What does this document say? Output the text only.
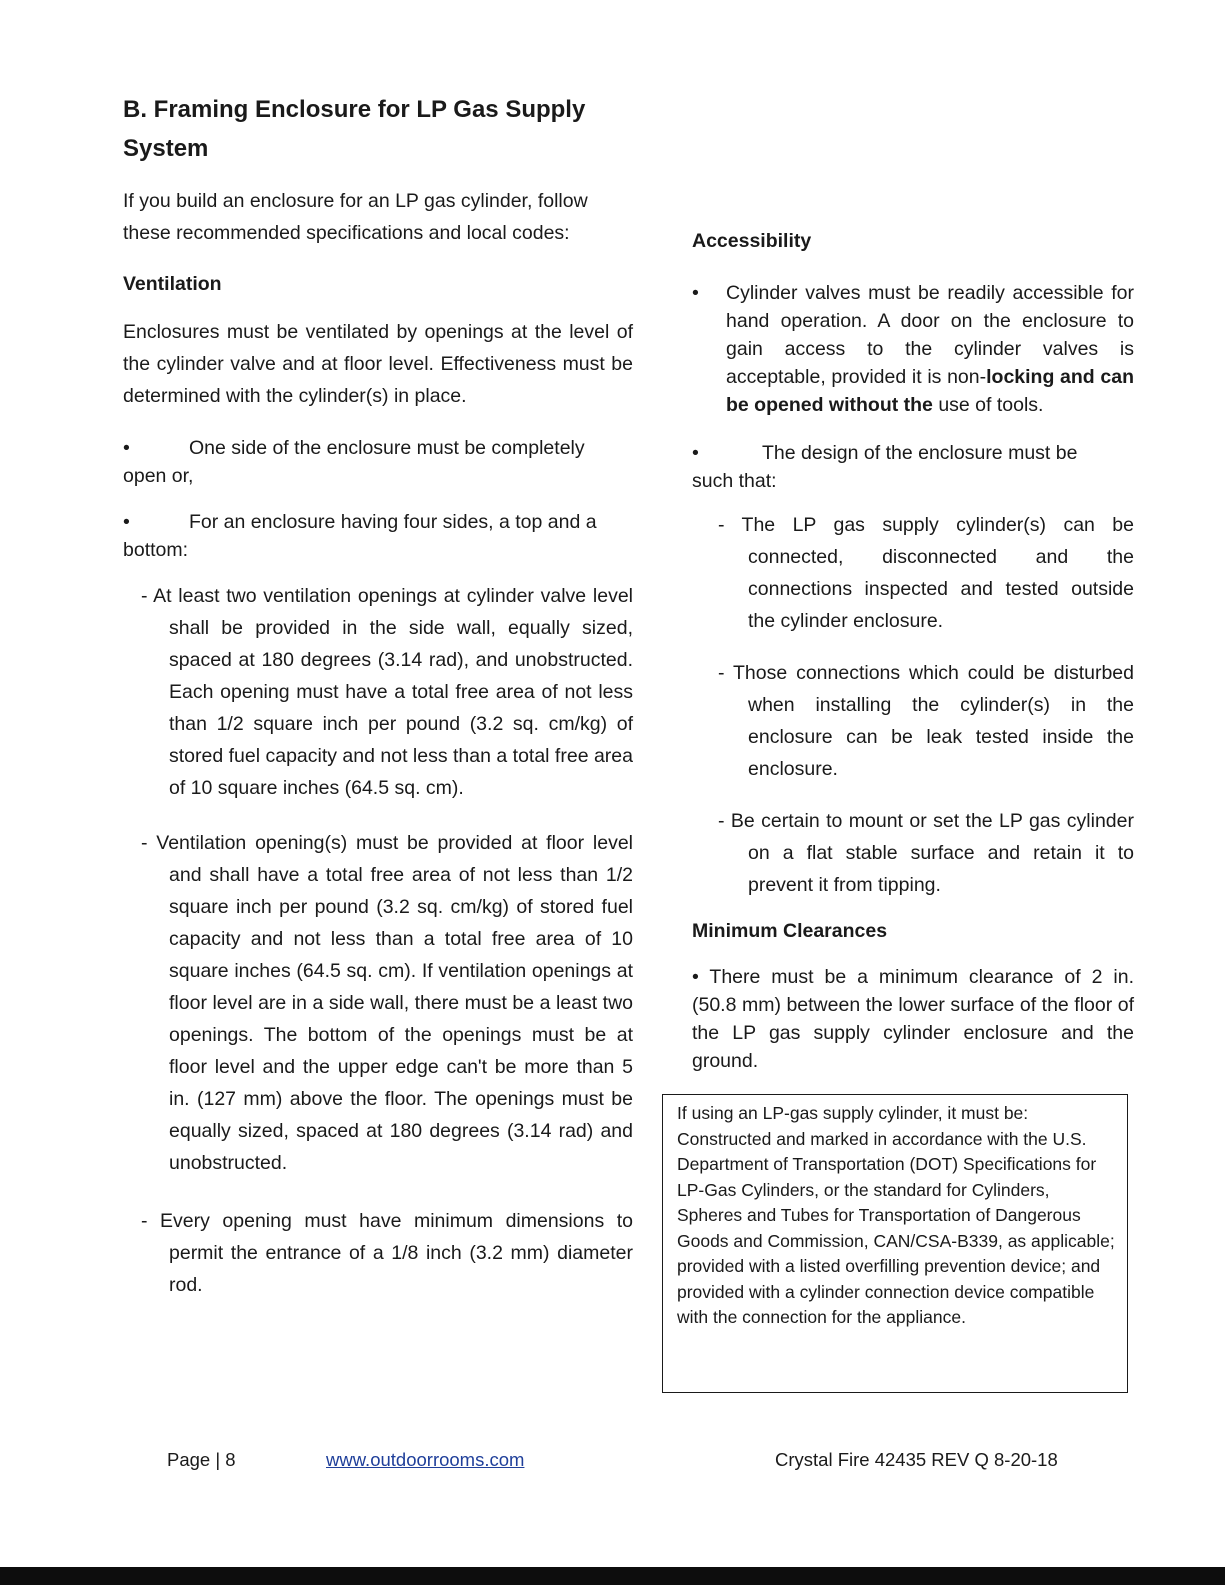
B. Framing Enclosure for LP Gas Supply
System

If you build an enclosure for an LP gas cylinder, follow

these recommended specifications and local codes:

Ventilation

Enclosures must be ventilated by openings at the level of the cylinder valve and at floor level. Effectiveness must be determined with the cylinder(s) in place.

•	One side of the enclosure must be completely
open or,

•	For an enclosure having four sides, a top and a
bottom:

- At least two ventilation openings at cylinder valve level shall be provided in the side wall, equally sized, spaced at 180 degrees (3.14 rad), and unobstructed. Each opening must have a total free area of not less than 1/2 square inch per pound (3.2 sq. cm/kg) of stored fuel capacity and not less than a total free area of 10 square inches (64.5 sq. cm).

- Ventilation opening(s) must be provided at floor level and shall have a total free area of not less than 1/2 square inch per pound (3.2 sq. cm/kg) of stored fuel capacity and not less than a total free area of 10 square inches (64.5 sq. cm). If ventilation openings at floor level are in a side wall, there must be a least two openings. The bottom of the openings must be at floor level and the upper edge can't be more than 5 in. (127 mm) above the floor. The openings must be equally sized, spaced at 180 degrees (3.14 rad) and unobstructed.

- Every opening must have minimum dimensions to permit the entrance of a 1/8 inch (3.2 mm) diameter rod.

Accessibility

• Cylinder valves must be readily accessible for hand operation. A door on the enclosure to gain access to the cylinder valves is acceptable, provided it is non-locking and can be opened without the use of tools.

•	The design of the enclosure must be
such that:

- The LP gas supply cylinder(s) can be connected, disconnected and the connections inspected and tested outside the cylinder enclosure.

- Those connections which could be disturbed when installing the cylinder(s) in the enclosure can be leak tested inside the enclosure.

- Be certain to mount or set the LP gas cylinder on a flat stable surface and retain it to prevent it from tipping.

Minimum Clearances

• There must be a minimum clearance of 2 in. (50.8 mm) between the lower surface of the floor of the LP gas supply cylinder enclosure and the ground.

If using an LP-gas supply cylinder, it must be: Constructed and marked in accordance with the U.S. Department of Transportation (DOT) Specifications for LP-Gas Cylinders, or the standard for Cylinders, Spheres and Tubes for Transportation of Dangerous Goods and Commission, CAN/CSA-B339, as applicable; provided with a listed overfilling prevention device; and provided with a cylinder connection device compatible with the connection for the appliance.

Page | 8	www.outdoorrooms.com	Crystal Fire 42435 REV Q 8-20-18
